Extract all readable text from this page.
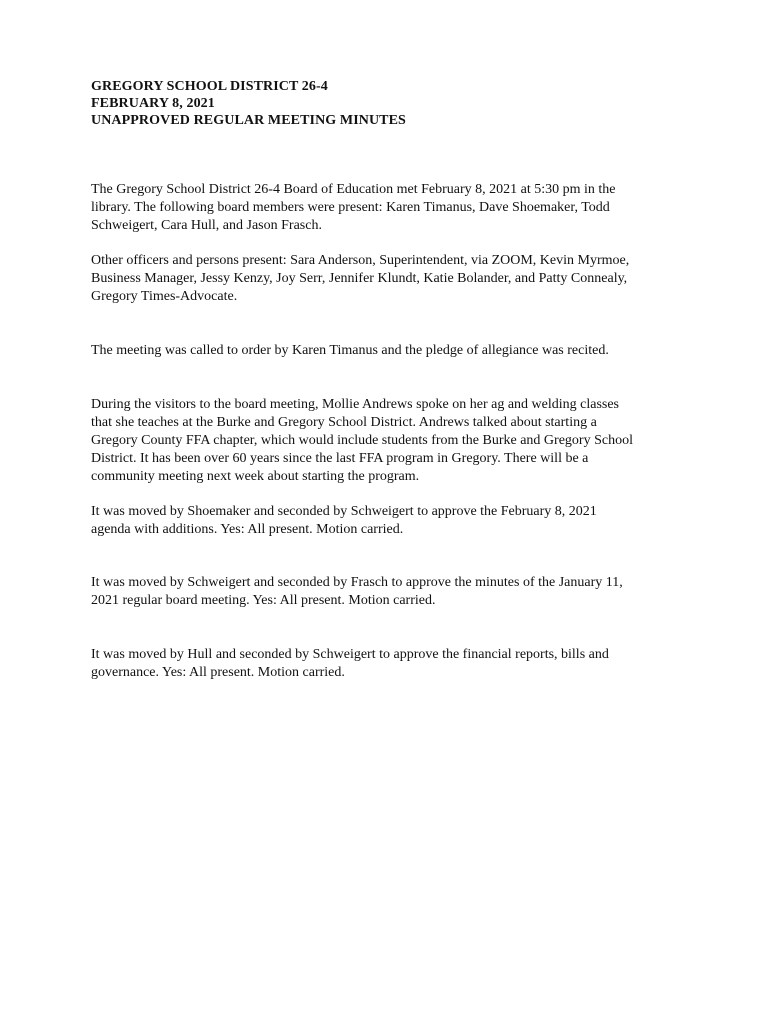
GREGORY SCHOOL DISTRICT 26-4

FEBRUARY 8, 2021

UNAPPROVED REGULAR MEETING MINUTES

The Gregory School District 26-4 Board of Education met February 8, 2021 at 5:30 pm in the
library. The following board members were present: Karen Timanus, Dave Shoemaker, Todd
Schweigert, Cara Hull, and Jason Frasch.

Other officers and persons present: Sara Anderson, Superintendent, via ZOOM, Kevin Myrmoe,
Business Manager, Jessy Kenzy, Joy Serr, Jennifer Klundt, Katie Bolander, and Patty Connealy,
Gregory Times-Advocate.

The meeting was called to order by Karen Timanus and the pledge of allegiance was recited.

During the visitors to the board meeting, Mollie Andrews spoke on her ag and welding classes
that she teaches at the Burke and Gregory School District. Andrews talked about starting a
Gregory County FFA chapter, which would include students from the Burke and Gregory School
District. It has been over 60 years since the last FFA program in Gregory. There will be a
community meeting next week about starting the program.

It was moved by Shoemaker and seconded by Schweigert to approve the February 8, 2021
agenda with additions. Yes: All present. Motion carried.

It was moved by Schweigert and seconded by Frasch to approve the minutes of the January 11,
2021 regular board meeting. Yes: All present. Motion carried.

It was moved by Hull and seconded by Schweigert to approve the financial reports, bills and
governance. Yes: All present. Motion carried.
